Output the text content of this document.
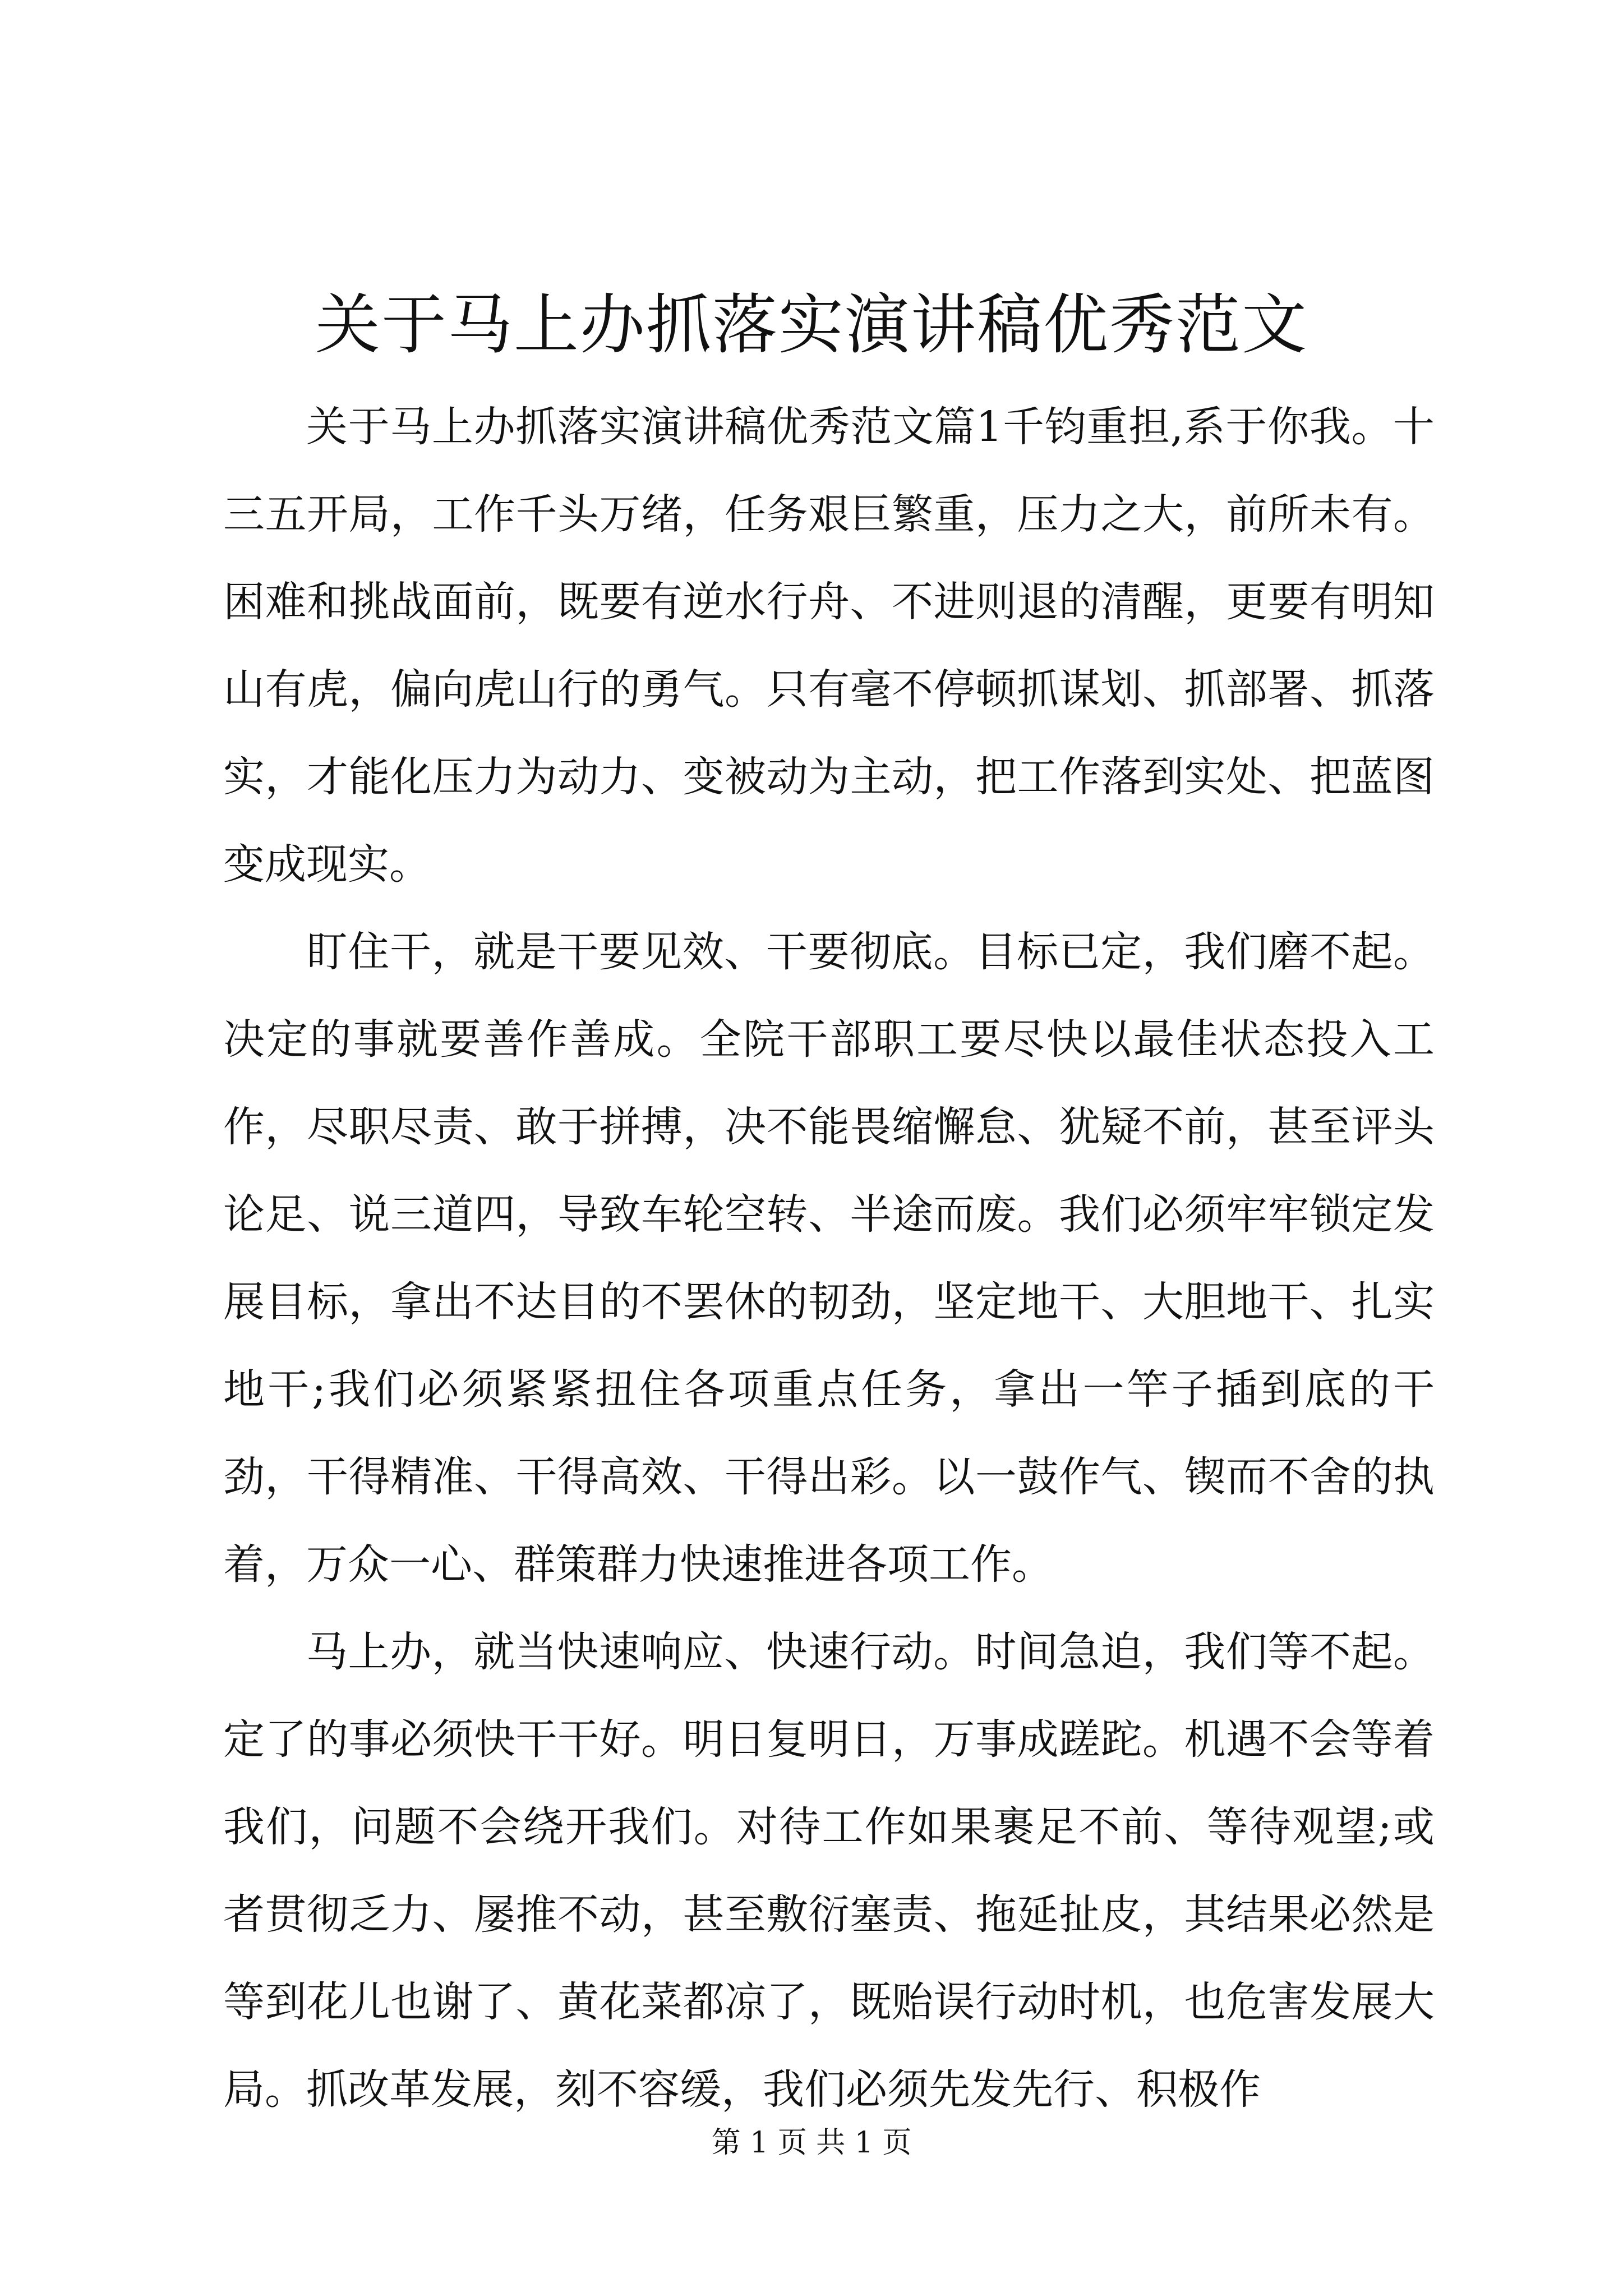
关于马上办抓落实演讲稿优秀范文

关于马上办抓落实演讲稿优秀范文篇1千钧重担,系于你我。十三五开局，工作千头万绪，任务艰巨繁重，压力之大，前所未有。困难和挑战面前，既要有逆水行舟、不进则退的清醒，更要有明知山有虎，偏向虎山行的勇气。只有毫不停顿抓谋划、抓部署、抓落实，才能化压力为动力、变被动为主动，把工作落到实处、把蓝图变成现实。

盯住干，就是干要见效、干要彻底。目标已定，我们磨不起。决定的事就要善作善成。全院干部职工要尽快以最佳状态投入工作，尽职尽责、敢于拼搏，决不能畏缩懈怠、犹疑不前，甚至评头论足、说三道四，导致车轮空转、半途而废。我们必须牢牢锁定发展目标，拿出不达目的不罢休的韧劲，坚定地干、大胆地干、扎实地干;我们必须紧紧扭住各项重点任务，拿出一竿子插到底的干劲，干得精准、干得高效、干得出彩。以一鼓作气、锲而不舍的执着，万众一心、群策群力快速推进各项工作。

马上办，就当快速响应、快速行动。时间急迫，我们等不起。定了的事必须快干干好。明日复明日，万事成蹉跎。机遇不会等着我们，问题不会绕开我们。对待工作如果裹足不前、等待观望;或者贯彻乏力、屡推不动，甚至敷衍塞责、拖延扯皮，其结果必然是等到花儿也谢了、黄花菜都凉了，既贻误行动时机，也危害发展大局。抓改革发展，刻不容缓，我们必须先发先行、积极作

第 1 页 共 1 页
